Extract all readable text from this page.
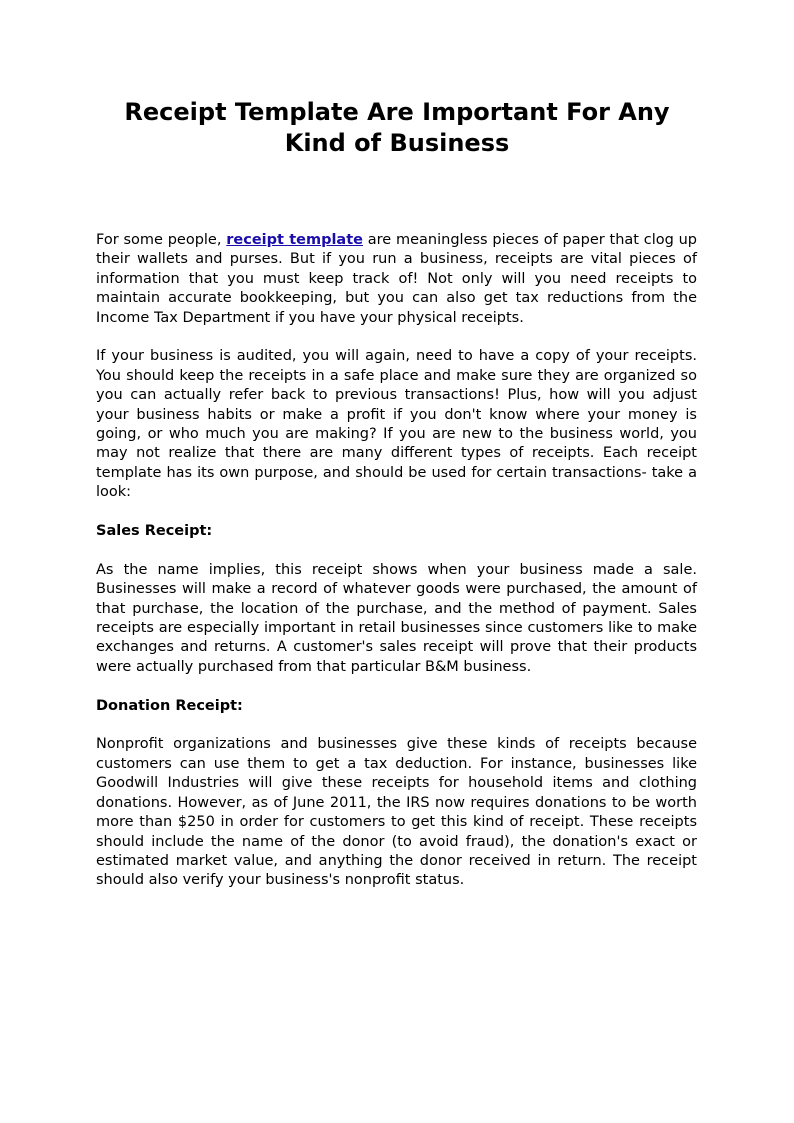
Receipt Template Are Important For Any Kind of Business

For some people, receipt template are meaningless pieces of paper that clog up their wallets and purses. But if you run a business, receipts are vital pieces of information that you must keep track of! Not only will you need receipts to maintain accurate bookkeeping, but you can also get tax reductions from the Income Tax Department if you have your physical receipts.

If your business is audited, you will again, need to have a copy of your receipts. You should keep the receipts in a safe place and make sure they are organized so you can actually refer back to previous transactions! Plus, how will you adjust your business habits or make a profit if you don't know where your money is going, or who much you are making? If you are new to the business world, you may not realize that there are many different types of receipts. Each receipt template has its own purpose, and should be used for certain transactions- take a look:

Sales Receipt:

As the name implies, this receipt shows when your business made a sale. Businesses will make a record of whatever goods were purchased, the amount of that purchase, the location of the purchase, and the method of payment. Sales receipts are especially important in retail businesses since customers like to make exchanges and returns. A customer's sales receipt will prove that their products were actually purchased from that particular B&M business.

Donation Receipt:

Nonprofit organizations and businesses give these kinds of receipts because customers can use them to get a tax deduction. For instance, businesses like Goodwill Industries will give these receipts for household items and clothing donations. However, as of June 2011, the IRS now requires donations to be worth more than $250 in order for customers to get this kind of receipt. These receipts should include the name of the donor (to avoid fraud), the donation's exact or estimated market value, and anything the donor received in return. The receipt should also verify your business's nonprofit status.
